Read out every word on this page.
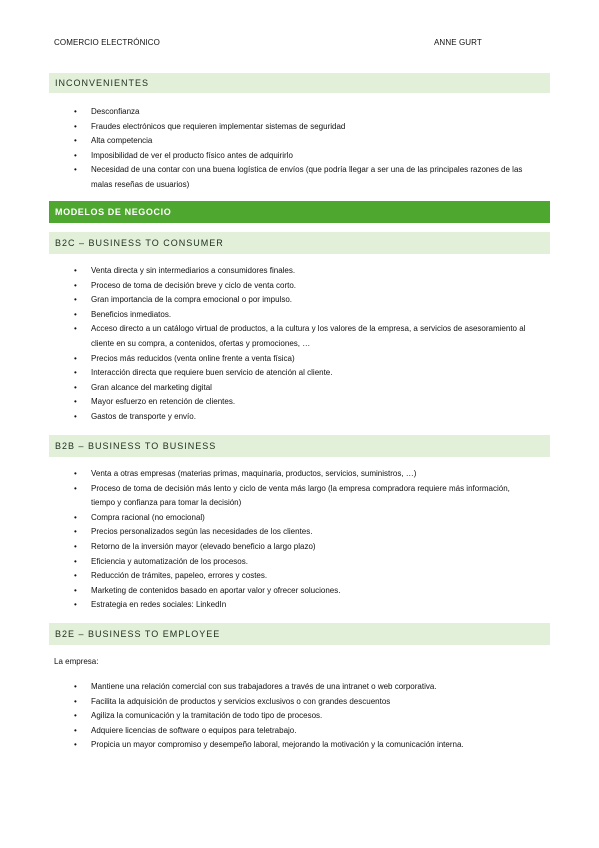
COMERCIO ELECTRÓNICO	ANNE GURT
INCONVENIENTES
• Desconfianza
• Fraudes electrónicos que requieren implementar sistemas de seguridad
• Alta competencia
• Imposibilidad de ver el producto físico antes de adquirirlo
• Necesidad de una contar con una buena logística de envíos (que podría llegar a ser una de las principales razones de las malas reseñas de usuarios)
MODELOS DE NEGOCIO
B2C – BUSINESS TO CONSUMER
• Venta directa y sin intermediarios a consumidores finales.
• Proceso de toma de decisión breve y ciclo de venta corto.
• Gran importancia de la compra emocional o por impulso.
• Beneficios inmediatos.
• Acceso directo a un catálogo virtual de productos, a la cultura y los valores de la empresa, a servicios de asesoramiento al cliente en su compra, a contenidos, ofertas y promociones, …
• Precios más reducidos (venta online frente a venta física)
• Interacción directa que requiere buen servicio de atención al cliente.
• Gran alcance del marketing digital
• Mayor esfuerzo en retención de clientes.
• Gastos de transporte y envío.
B2B – BUSINESS TO BUSINESS
• Venta a otras empresas (materias primas, maquinaria, productos, servicios, suministros, …)
• Proceso de toma de decisión más lento y ciclo de venta más largo (la empresa compradora requiere más información, tiempo y confianza para tomar la decisión)
• Compra racional (no emocional)
• Precios personalizados según las necesidades de los clientes.
• Retorno de la inversión mayor (elevado beneficio a largo plazo)
• Eficiencia y automatización de los procesos.
• Reducción de trámites, papeleo, errores y costes.
• Marketing de contenidos basado en aportar valor y ofrecer soluciones.
• Estrategia en redes sociales: LinkedIn
B2E – BUSINESS TO EMPLOYEE
La empresa:
• Mantiene una relación comercial con sus trabajadores a través de una intranet o web corporativa.
• Facilita la adquisición de productos y servicios exclusivos o con grandes descuentos
• Agiliza la comunicación y la tramitación de todo tipo de procesos.
• Adquiere licencias de software o equipos para teletrabajo.
• Propicia un mayor compromiso y desempeño laboral, mejorando la motivación y la comunicación interna.
